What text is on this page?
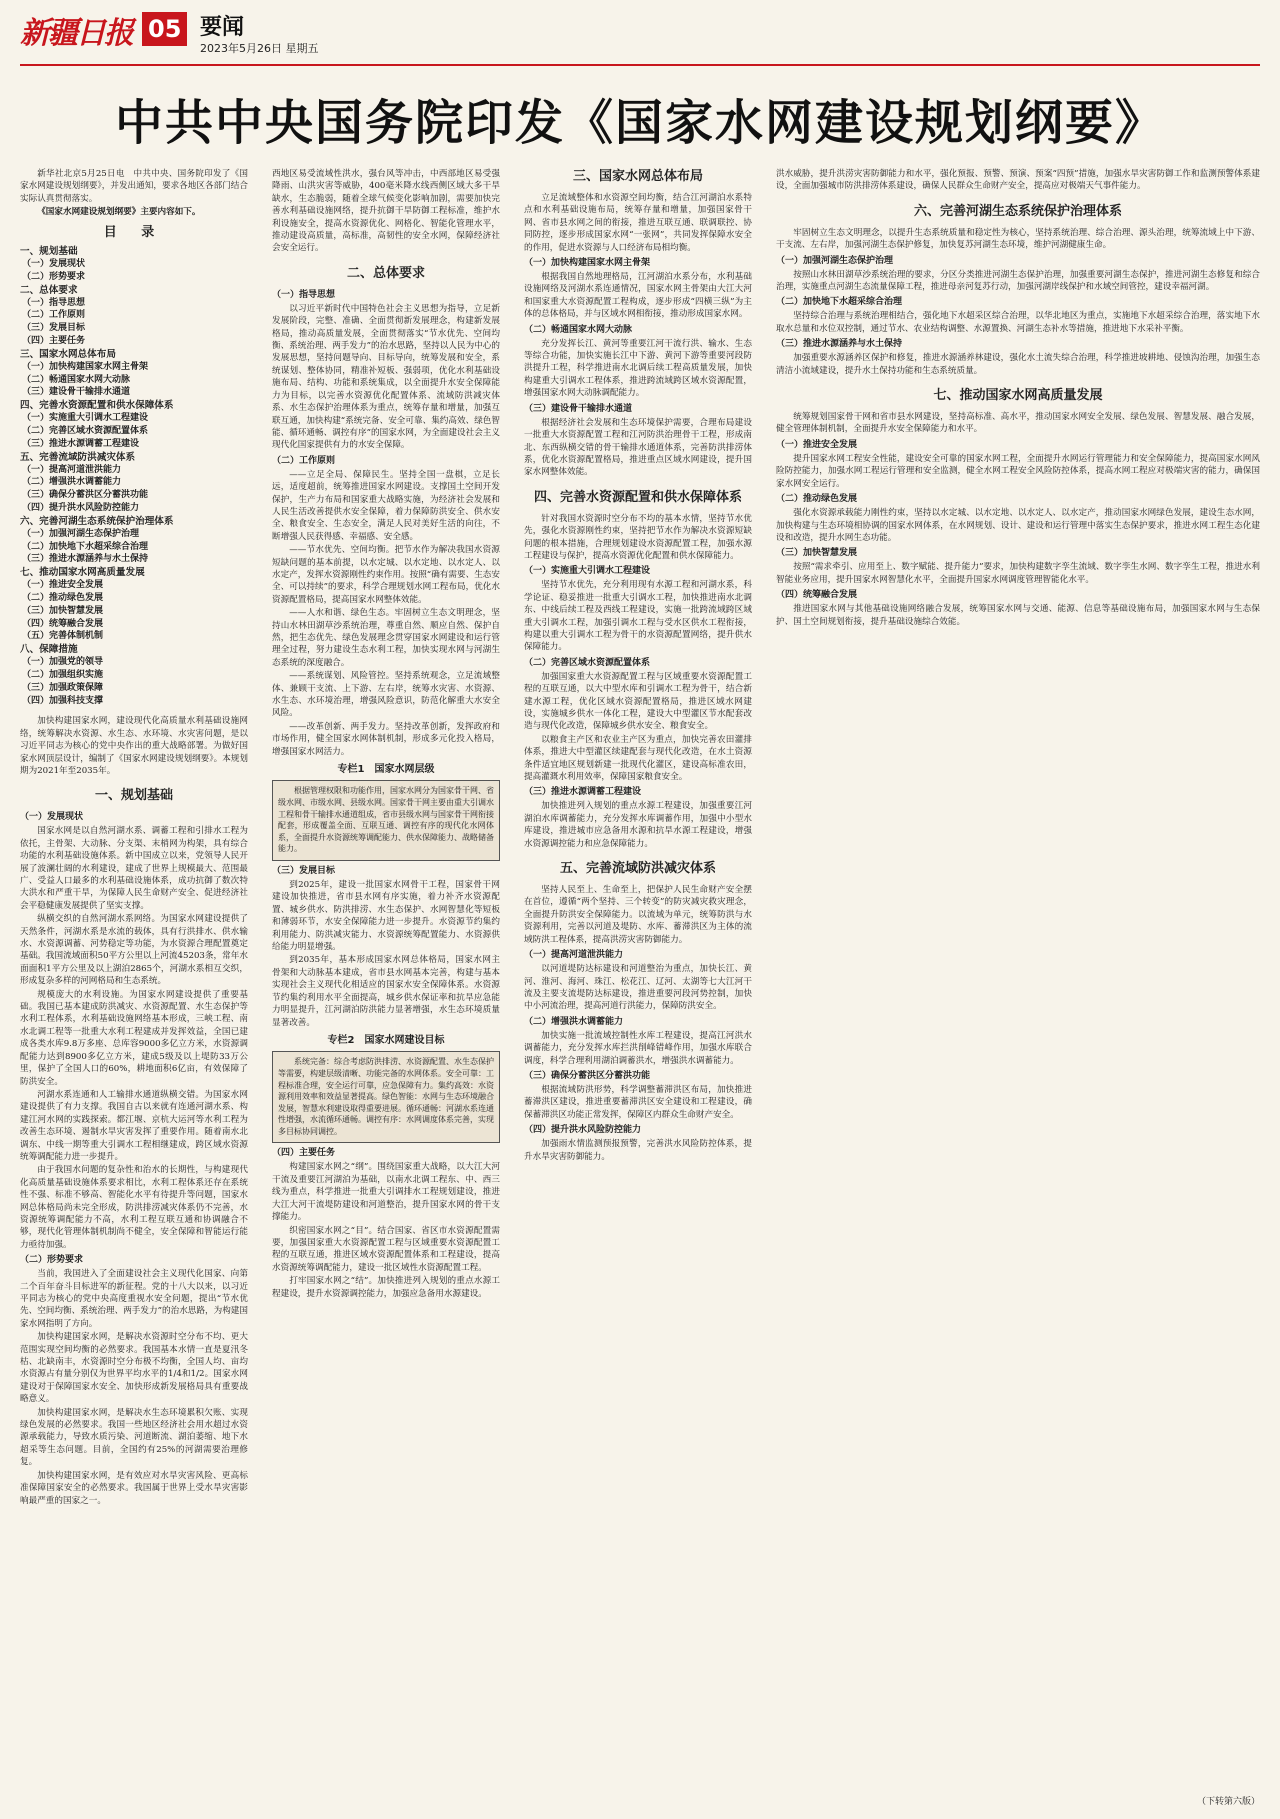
新疆日报 05 要闻
2023年5月26日 星期五
中共中央国务院印发《国家水网建设规划纲要》

新华社北京5月25日电　中共中央、国务院印发了《国家水网建设规划纲要》，并发出通知，要求各地区各部门结合实际认真贯彻落实。

《国家水网建设规划纲要》主要内容如下。

目 录
一、规划基础
（一）发展现状
（二）形势要求
二、总体要求
（一）指导思想
（二）工作原则
（三）发展目标
（四）主要任务
三、国家水网总体布局
（一）加快构建国家水网主骨架
（二）畅通国家水网大动脉
（三）建设骨干输排水通道
四、完善水资源配置和供水保障体系
（一）实施重大引调水工程建设
（二）完善区域水资源配置体系
（三）推进水源调蓄工程建设
五、完善流域防洪减灾体系
（一）提高河道泄洪能力
（二）增强洪水调蓄能力
（三）确保分蓄洪区分蓄洪功能
（四）提升洪水风险防控能力
六、完善河湖生态系统保护治理体系
（一）加强河湖生态保护治理
（二）加快地下水超采综合治理
（三）推进水源涵养与水土保持
七、推动国家水网高质量发展
（一）推进安全发展
（二）推动绿色发展
（三）加快智慧发展
（四）统筹融合发展
（五）完善体制机制
八、保障措施
（一）加强党的领导
（二）加强组织实施
（三）加强政策保障
（四）加强科技支撑

加快构建国家水网，建设现代化高质量水利基础设施网络，统筹解决水资源、水生态、水环境、水灾害问题，是以习近平同志为核心的党中央作出的重大战略部署。为做好国家水网顶层设计，编制了《国家水网建设规划纲要》。本规划期为2021年至2035年。

一、规划基础
（一）发展现状

国家水网是以自然河湖水系、调蓄工程和引排水工程为依托，主骨架、大动脉、分支渠、末梢网为构架，具有综合功能的水利基础设施体系。新中国成立以来，党领导人民开展了波澜壮阔的水利建设，建成了世界上规模最大、范围最广、受益人口最多的水利基础设施体系，成功抗御了数次特大洪水和严重干旱，为保障人民生命财产安全、促进经济社会平稳健康发展提供了坚实支撑。

纵横交织的自然河湖水系网络。为国家水网建设提供了天然条件，河湖水系是水流的载体，具有行洪排水、供水输水、水资源调蓄、河势稳定等功能，为水资源合理配置奠定基础。我国流域面积50平方公里以上河流45203条，常年水面面积1平方公里及以上湖泊2865个，河湖水系相互交织，形成复杂多样的河网格局和生态系统。

规模庞大的水利设施。为国家水网建设提供了重要基础。我国已基本建成防洪减灾、水资源配置、水生态保护等水利工程体系，水利基础设施网络基本形成，三峡工程、南水北调工程等一批重大水利工程建成并发挥效益，全国已建成各类水库9.8万多座、总库容9000多亿立方米，水资源调配能力达到8900多亿立方米，建成5级及以上堤防33万公里，保护了全国人口的60%，耕地面积6亿亩，有效保障了防洪安全。

河湖水系连通和人工输排水通道纵横交错。为国家水网建设提供了有力支撑。我国自古以来就有连通河湖水系、构建江河水网的实践探索。都江堰、京杭大运河等水利工程为改善生态环境、遏制水旱灾害发挥了重要作用。随着南水北调东、中线一期等重大引调水工程相继建成，跨区域水资源统筹调配能力进一步提升。

由于我国水问题的复杂性和治水的长期性，与构建现代化高质量基础设施体系要求相比，水利工程体系还存在系统性不强、标准不够高、智能化水平有待提升等问题，国家水网总体格局尚未完全形成，防洪排涝减灾体系仍不完善，水资源统筹调配能力不高，水利工程互联互通和协调融合不够，现代化管理体制机制尚不健全，安全保障和智能运行能力亟待加强。

（二）形势要求

当前，我国进入了全面建设社会主义现代化国家、向第二个百年奋斗目标进军的新征程。党的十八大以来，以习近平同志为核心的党中央高度重视水安全问题，提出“节水优先、空间均衡、系统治理、两手发力”的治水思路，为构建国家水网指明了方向。

加快构建国家水网，是解决水资源时空分布不均、更大范围实现空间均衡的必然要求。我国基本水情一直是夏汛冬枯、北缺南丰，水资源时空分布极不均衡，全国人均、亩均水资源占有量分别仅为世界平均水平的1/4和1/2。国家水网建设对于保障国家水安全、加快形成新发展格局具有重要战略意义。

加快构建国家水网，是解决水生态环境累积欠账、实现绿色发展的必然要求。我国一些地区经济社会用水超过水资源承载能力，导致水质污染、河道断流、湖泊萎缩、地下水超采等生态问题。目前，全国约有25%的河湖需要治理修复。

加快构建国家水网，是有效应对水旱灾害风险、更高标准保障国家安全的必然要求。我国属于世界上受水旱灾害影响最严重的国家之一。

西地区易受流域性洪水，强台风等冲击，中西部地区易受强降雨、山洪灾害等威胁，400毫米降水线西侧区域大多干旱缺水，生态脆弱，随着全球气候变化影响加剧，需要加快完善水利基础设施网络，提升抗御干旱防御工程标准，维护水利设施安全，提高水资源优化、网格化、智能化管理水平，推动建设高质量，高标准，高韧性的安全水网，保障经济社会安全运行。

二、总体要求
（一）指导思想

以习近平新时代中国特色社会主义思想为指导，立足新发展阶段，完整、准确、全面贯彻新发展理念，构建新发展格局，推动高质量发展，全面贯彻落实“节水优先、空间均衡、系统治理、两手发力”的治水思路，坚持以人民为中心的发展思想，坚持问题导向、目标导向，统筹发展和安全，系统谋划、整体协同，精准补短板、强弱项，优化水利基础设施布局、结构、功能和系统集成，以全面提升水安全保障能力为目标，以完善水资源优化配置体系、流域防洪减灾体系、水生态保护治理体系为重点，统筹存量和增量，加强互联互通，加快构建“系统完备、安全可靠、集约高效、绿色智能、循环通畅、调控有序”的国家水网，为全面建设社会主义现代化国家提供有力的水安全保障。

（二）工作原则

——立足全局、保障民生。坚持全国一盘棋，立足长远，适度超前，统筹推进国家水网建设。支撑国土空间开发保护，生产力布局和国家重大战略实施，为经济社会发展和人民生活改善提供水安全保障，着力保障防洪安全、供水安全、粮食安全、生态安全，满足人民对美好生活的向往，不断增强人民获得感、幸福感、安全感。

——节水优先、空间均衡。把节水作为解决我国水资源短缺问题的基本前提，以水定城、以水定地、以水定人、以水定产，发挥水资源刚性约束作用。按照“确有需要、生态安全、可以持续”的要求，科学合理规划水网工程布局，优化水资源配置格局，提高国家水网整体效能。

——人水和谐、绿色生态。牢固树立生态文明理念，坚持山水林田湖草沙系统治理，尊重自然、顺应自然、保护自然，把生态优先、绿色发展理念贯穿国家水网建设和运行管理全过程，努力建设生态水利工程，加快实现水网与河湖生态系统的深度融合。

——系统谋划、风险管控。坚持系统观念，立足流域整体、兼顾干支流、上下游、左右岸，统筹水灾害、水资源、水生态、水环境治理，增强风险意识，防范化解重大水安全风险。

——改革创新、两手发力。坚持改革创新，发挥政府和市场作用，健全国家水网体制机制，形成多元化投入格局，增强国家水网活力。

专栏1　国家水网层级

根据管理权限和功能作用，国家水网分为国家骨干网、省级水网、市级水网、县级水网。国家骨干网主要由重大引调水工程和骨干输排水通道组成，省市县级水网与国家骨干网衔接配套，形成覆盖全面、互联互通、调控有序的现代化水网体系，全面提升水资源统筹调配能力、供水保障能力、战略储备能力。

（三）发展目标

到2025年，建设一批国家水网骨干工程，国家骨干网建设加快推进，省市县水网有序实施，着力补齐水资源配置、城乡供水、防洪排涝、水生态保护、水网智慧化等短板和薄弱环节，水安全保障能力进一步提升。水资源节约集约利用能力、防洪减灾能力、水资源统筹配置能力、水资源供给能力明显增强。

到2035年，基本形成国家水网总体格局，国家水网主骨架和大动脉基本建成，省市县水网基本完善，构建与基本实现社会主义现代化相适应的国家水安全保障体系。水资源节约集约利用水平全面提高，城乡供水保证率和抗旱应急能力明显提升，江河湖泊防洪能力显著增强，水生态环境质量显著改善。

专栏2　国家水网建设目标

系统完备：综合考虑防洪排涝、水资源配置、水生态保护等需要，构建层级清晰、功能完备的水网体系。安全可靠：工程标准合理，安全运行可靠，应急保障有力。集约高效：水资源利用效率和效益显著提高。绿色智能：水网与生态环境融合发展，智慧水利建设取得重要进展。循环通畅：河湖水系连通性增强，水流循环通畅。调控有序：水网调度体系完善，实现多目标协同调控。

（四）主要任务

构建国家水网之“纲”。围绕国家重大战略，以大江大河干流及重要江河湖泊为基础，以南水北调工程东、中、西三线为重点，科学推进一批重大引调排水工程规划建设，推进大江大河干流堤防建设和河道整治，提升国家水网的骨干支撑能力。

织密国家水网之“目”。结合国家、省区市水资源配置需要，加强国家重大水资源配置工程与区域重要水资源配置工程的互联互通，推进区域水资源配置体系和工程建设，提高水资源统筹调配能力，建设一批区域性水资源配置工程。

打牢国家水网之“结”。加快推进列入规划的重点水源工程建设，提升水资源调控能力，加强应急备用水源建设。

三、国家水网总体布局

立足流域整体和水资源空间均衡，结合江河湖泊水系特点和水利基础设施布局，统筹存量和增量，加强国家骨干网、省市县水网之间的衔接，推进互联互通、联调联控、协同防控，逐步形成国家水网“一张网”，共同发挥保障水安全的作用，促进水资源与人口经济布局相均衡。

（一）加快构建国家水网主骨架

根据我国自然地理格局，江河湖泊水系分布，水利基础设施网络及河湖水系连通情况，国家水网主骨架由大江大河和国家重大水资源配置工程构成，逐步形成“四横三纵”为主体的总体格局，并与区域水网相衔接，推动形成国家水网。

（二）畅通国家水网大动脉

充分发挥长江、黄河等重要江河干流行洪、输水、生态等综合功能，加快实施长江中下游、黄河下游等重要河段防洪提升工程，科学推进南水北调后续工程高质量发展，加快构建重大引调水工程体系，推进跨流域跨区域水资源配置，增强国家水网大动脉调配能力。

（三）建设骨干输排水通道

根据经济社会发展和生态环境保护需要，合理布局建设一批重大水资源配置工程和江河防洪治理骨干工程，形成南北、东西纵横交错的骨干输排水通道体系，完善防洪排涝体系，优化水资源配置格局，推进重点区域水网建设，提升国家水网整体效能。

四、完善水资源配置和供水保障体系

针对我国水资源时空分布不均的基本水情，坚持节水优先，强化水资源刚性约束，坚持把节水作为解决水资源短缺问题的根本措施，合理规划建设水资源配置工程，加强水源工程建设与保护，提高水资源优化配置和供水保障能力。

（一）实施重大引调水工程建设

坚持节水优先，充分利用现有水源工程和河湖水系，科学论证、稳妥推进一批重大引调水工程，加快推进南水北调东、中线后续工程及西线工程建设，实施一批跨流域跨区域重大引调水工程，加强引调水工程与受水区供水工程衔接，构建以重大引调水工程为骨干的水资源配置网络，提升供水保障能力。

（二）完善区域水资源配置体系

加强国家重大水资源配置工程与区域重要水资源配置工程的互联互通，以大中型水库和引调水工程为骨干，结合新建水源工程，优化区域水资源配置格局，推进区域水网建设，实施城乡供水一体化工程，建设大中型灌区节水配套改造与现代化改造，保障城乡供水安全、粮食安全。

以粮食主产区和农业主产区为重点，加快完善农田灌排体系，推进大中型灌区续建配套与现代化改造，在水土资源条件适宜地区规划新建一批现代化灌区，建设高标准农田，提高灌溉水利用效率，保障国家粮食安全。

（三）推进水源调蓄工程建设

加快推进列入规划的重点水源工程建设，加强重要江河湖泊水库调蓄能力，充分发挥水库调蓄作用，加强中小型水库建设，推进城市应急备用水源和抗旱水源工程建设，增强水资源调控能力和应急保障能力。

五、完善流域防洪减灾体系

坚持人民至上、生命至上，把保护人民生命财产安全摆在首位，遵循“两个坚持、三个转变”的防灾减灾救灾理念，全面提升防洪安全保障能力。以流域为单元，统筹防洪与水资源利用，完善以河道及堤防、水库、蓄滞洪区为主体的流域防洪工程体系，提高洪涝灾害防御能力。

（一）提高河道泄洪能力

以河道堤防达标建设和河道整治为重点，加快长江、黄河、淮河、海河、珠江、松花江、辽河、太湖等七大江河干流及主要支流堤防达标建设，推进重要河段河势控制，加快中小河流治理，提高河道行洪能力，保障防洪安全。

（二）增强洪水调蓄能力

加快实施一批流域控制性水库工程建设，提高江河洪水调蓄能力，充分发挥水库拦洪削峰错峰作用，加强水库联合调度，科学合理利用湖泊调蓄洪水，增强洪水调蓄能力。

（三）确保分蓄洪区分蓄洪功能

根据流域防洪形势，科学调整蓄滞洪区布局，加快推进蓄滞洪区建设，推进重要蓄滞洪区安全建设和工程建设，确保蓄滞洪区功能正常发挥，保障区内群众生命财产安全。

（四）提升洪水风险防控能力

加强雨水情监测预报预警，完善洪水风险防控体系，提升水旱灾害防御能力。

洪水威胁，提升洪涝灾害防御能力和水平，强化预报、预警、预演、预案“四预”措施，加强水旱灾害防御工作和监测预警体系建设，全面加强城市防洪排涝体系建设，确保人民群众生命财产安全，提高应对极端天气事件能力。

六、完善河湖生态系统保护治理体系

牢固树立生态文明理念，以提升生态系统质量和稳定性为核心，坚持系统治理、综合治理、源头治理，统筹流域上中下游、干支流、左右岸，加强河湖生态保护修复，加快复苏河湖生态环境，维护河湖健康生命。

（一）加强河湖生态保护治理

按照山水林田湖草沙系统治理的要求，分区分类推进河湖生态保护治理，加强重要河湖生态保护，推进河湖生态修复和综合治理，实施重点河湖生态流量保障工程，推进母亲河复苏行动，加强河湖岸线保护和水域空间管控，建设幸福河湖。

（二）加快地下水超采综合治理

坚持综合治理与系统治理相结合，强化地下水超采区综合治理，以华北地区为重点，实施地下水超采综合治理，落实地下水取水总量和水位双控制，通过节水、农业结构调整、水源置换、河湖生态补水等措施，推进地下水采补平衡。

（三）推进水源涵养与水土保持

加强重要水源涵养区保护和修复，推进水源涵养林建设，强化水土流失综合治理，科学推进坡耕地、侵蚀沟治理，加强生态清洁小流域建设，提升水土保持功能和生态系统质量。

七、推动国家水网高质量发展

统筹规划国家骨干网和省市县水网建设，坚持高标准、高水平，推动国家水网安全发展、绿色发展、智慧发展、融合发展，健全管理体制机制，全面提升水安全保障能力和水平。

（一）推进安全发展

提升国家水网工程安全性能，建设安全可靠的国家水网工程，全面提升水网运行管理能力和安全保障能力，提高国家水网风险防控能力，加强水网工程运行管理和安全监测，健全水网工程安全风险防控体系，提高水网工程应对极端灾害的能力，确保国家水网安全运行。

（二）推动绿色发展

强化水资源承载能力刚性约束，坚持以水定城、以水定地、以水定人、以水定产，推动国家水网绿色发展，建设生态水网，加快构建与生态环境相协调的国家水网体系，在水网规划、设计、建设和运行管理中落实生态保护要求，推进水网工程生态化建设和改造，提升水网生态功能。

（三）加快智慧发展

按照“需求牵引、应用至上、数字赋能、提升能力”要求，加快构建数字孪生流域、数字孪生水网、数字孪生工程，推进水利智能业务应用，提升国家水网智慧化水平，全面提升国家水网调度管理智能化水平。

（四）统筹融合发展

推进国家水网与其他基础设施网络融合发展，统筹国家水网与交通、能源、信息等基础设施布局，加强国家水网与生态保护、国土空间规划衔接，提升基础设施综合效能。

（下转第六版）
